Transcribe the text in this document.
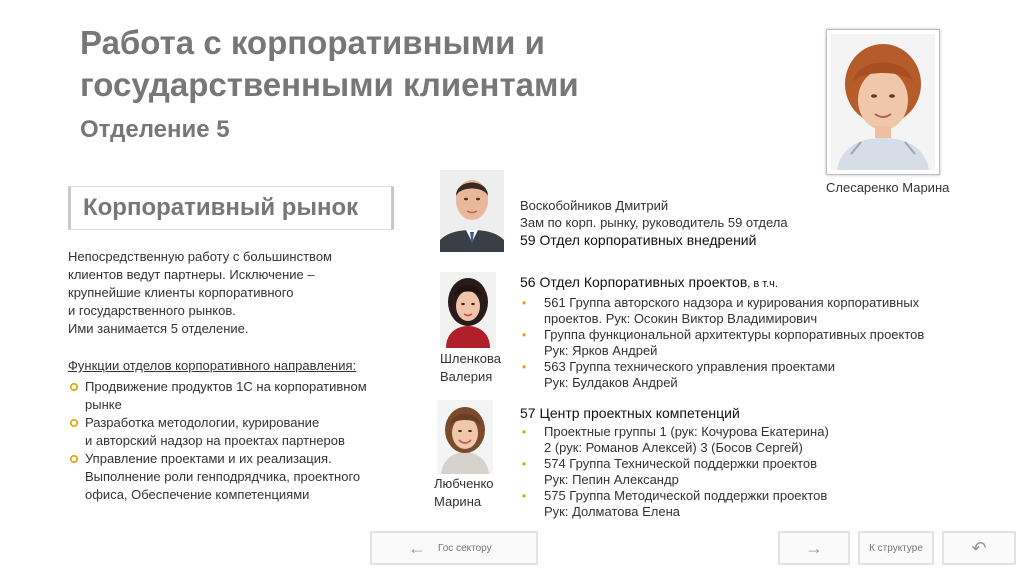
Работа с корпоративными и
государственными клиентами
Отделение 5
Слесаренко Марина
Корпоративный рынок
Непосредственную работу с большинством
клиентов ведут партнеры. Исключение –
крупнейшие клиенты корпоративного
и государственного рынков.
Ими занимается 5 отделение.
Функции отделов корпоративного направления:
Продвижение продуктов 1С на корпоративном
рынке
Разработка методологии, курирование
и авторский надзор на проектах партнеров
Управление проектами и их реализация.
Выполнение роли генподрядчика, проектного
офиса, Обеспечение компетенциями
Шленкова
Валерия
Любченко
Марина
Воскобойников Дмитрий
Зам по корп. рынку, руководитель 59 отдела
59 Отдел корпоративных внедрений
56 Отдел Корпоративных проектов, в т.ч.
• 561 Группа авторского надзора и курирования корпоративных
проектов. Рук: Осокин Виктор Владимирович
• Группа функциональной архитектуры корпоративных проектов
Рук: Ярков Андрей
• 563 Группа технического управления проектами
Рук: Булдаков Андрей
57 Центр проектных компетенций
• Проектные группы 1 (рук: Кочурова Екатерина)
2 (рук: Романов Алексей) 3 (Босов Сергей)
• 574 Группа Технической поддержки проектов
Рук: Пепин Александр
• 575 Группа Методической поддержки проектов
Рук: Долматова Елена
← Гос сектору	→	К структуре	↶
